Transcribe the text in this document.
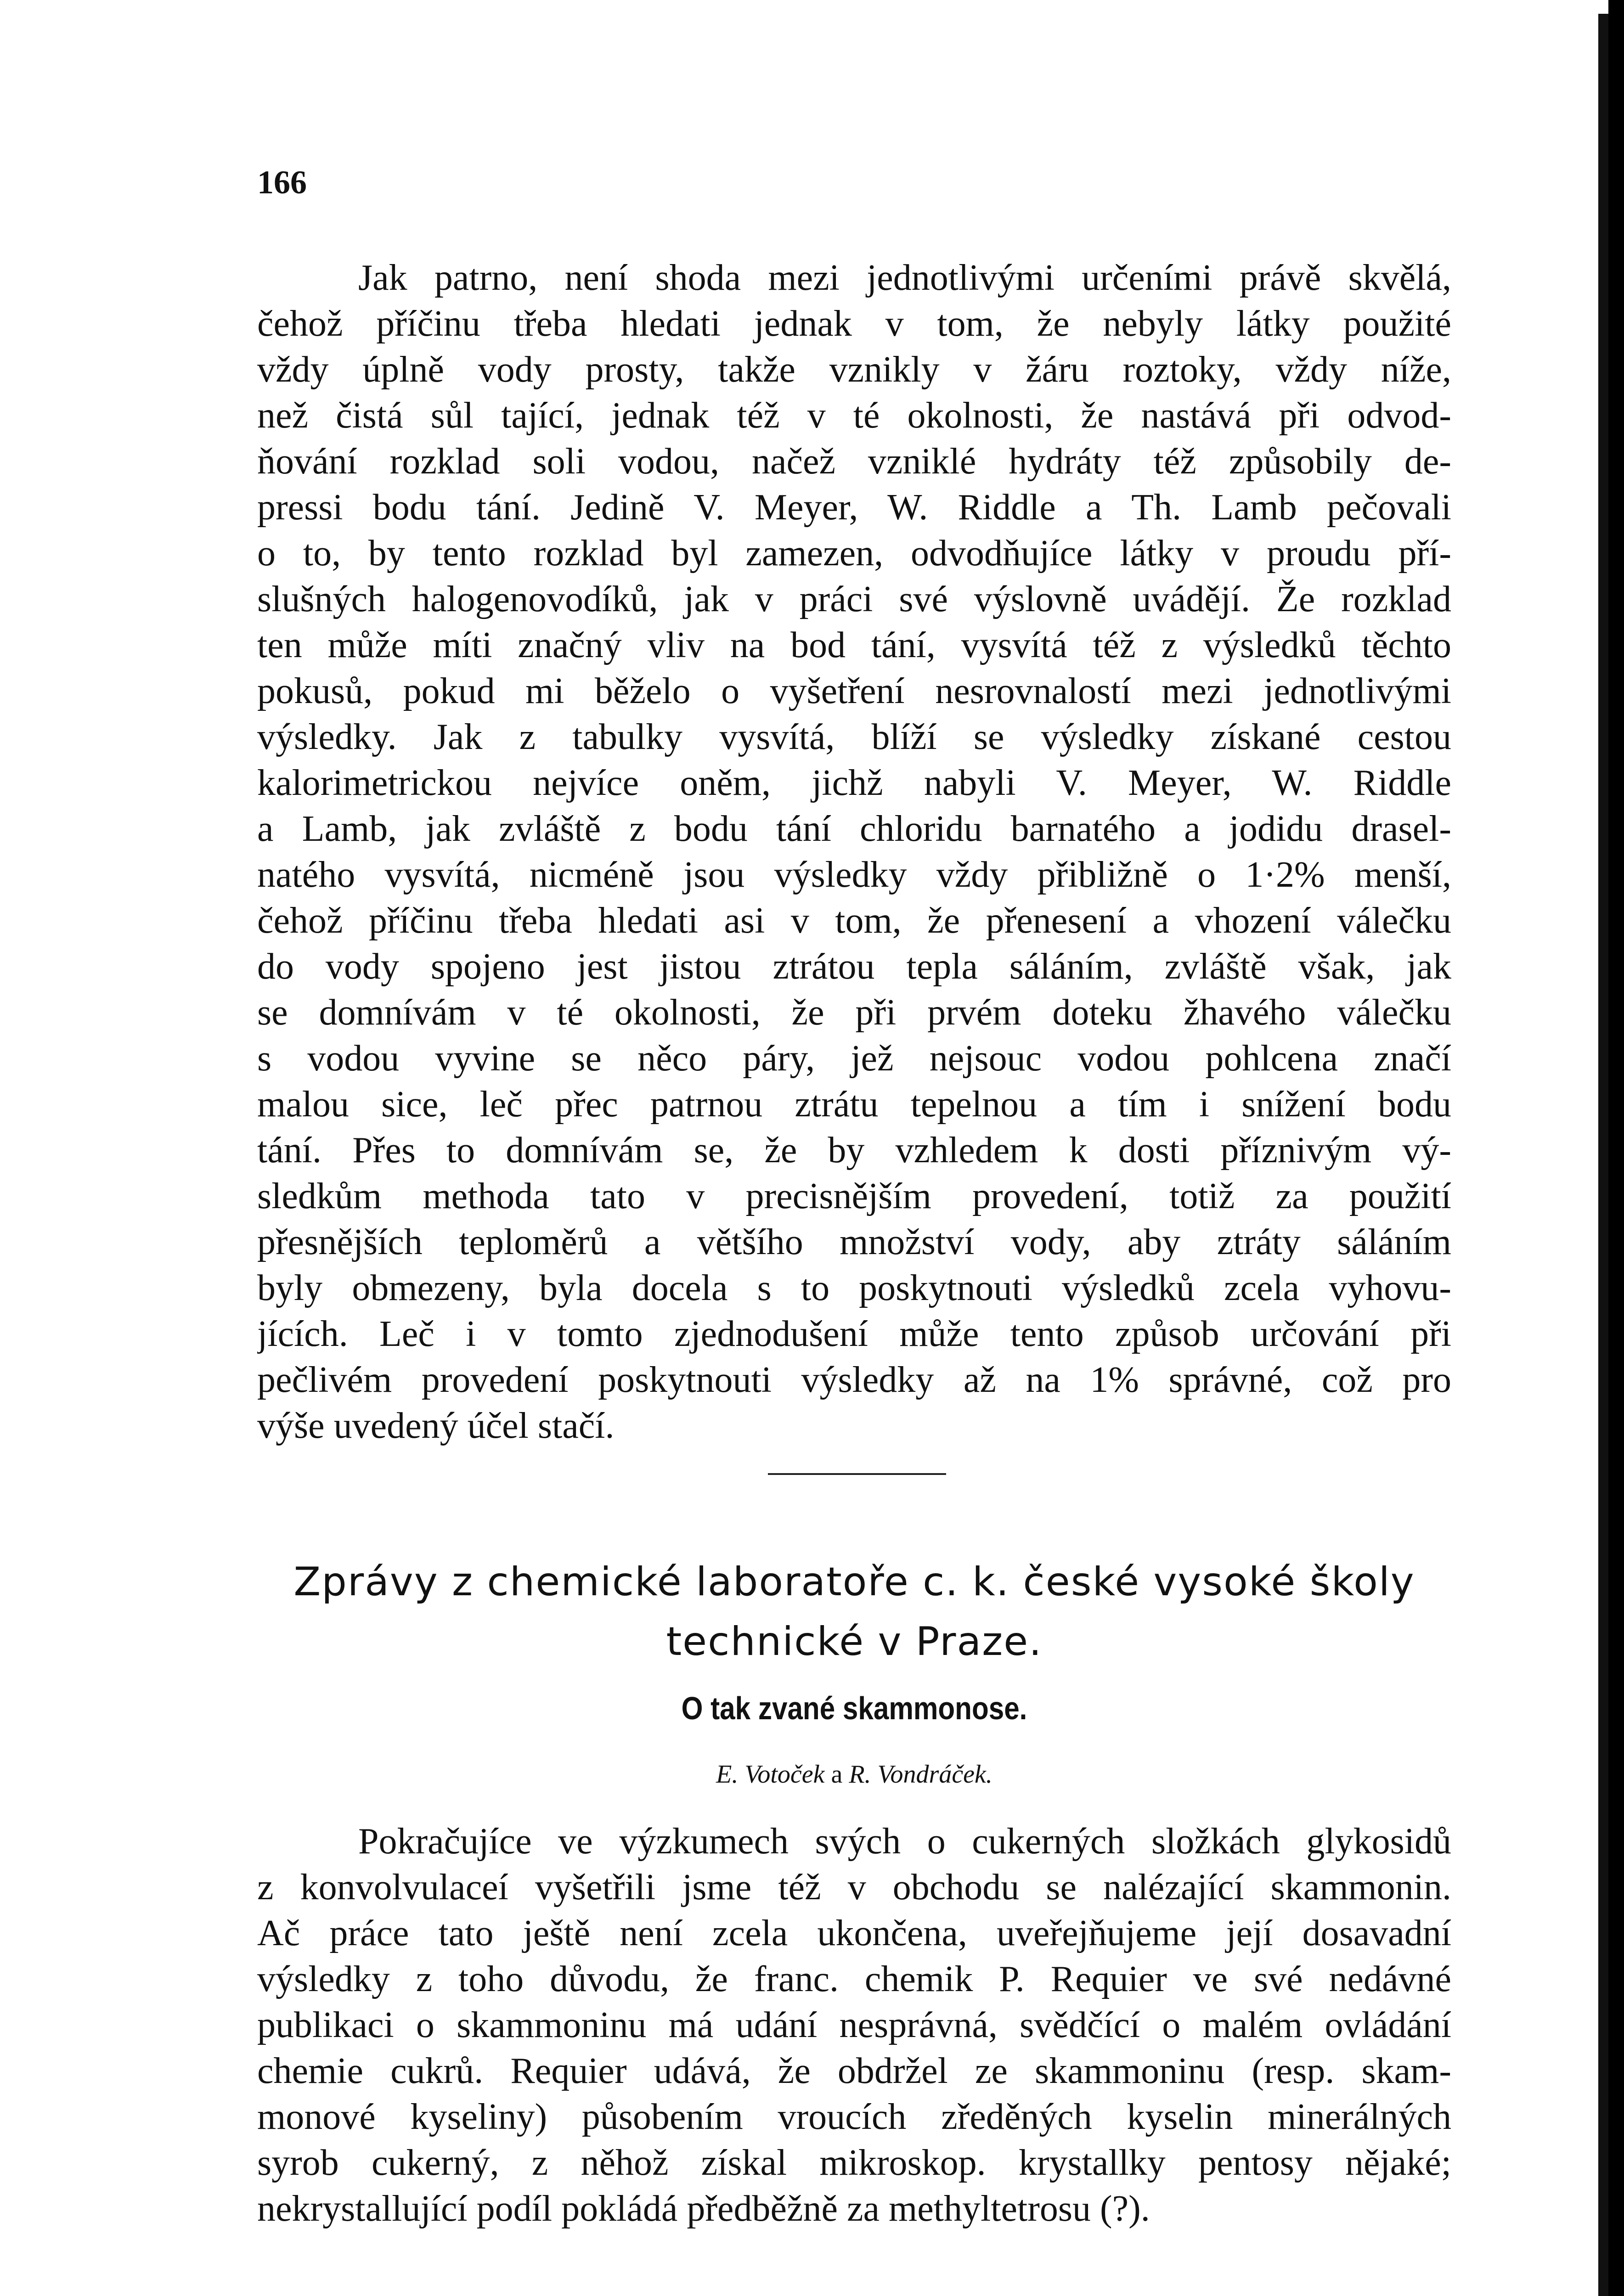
166
Jak patrno, není shoda mezi jednotlivými určeními právě skvělá,
čehož příčinu třeba hledati jednak v tom, že nebyly látky použité
vždy úplně vody prosty, takže vznikly v žáru roztoky, vždy níže,
než čistá sůl tající, jednak též v té okolnosti, že nastává při odvod-
ňování rozklad soli vodou, načež vzniklé hydráty též způsobily de-
pressi bodu tání. Jedině V. Meyer, W. Riddle a Th. Lamb pečovali
o to, by tento rozklad byl zamezen, odvodňujíce látky v proudu pří-
slušných halogenovodíků, jak v práci své výslovně uvádějí. Že rozklad
ten může míti značný vliv na bod tání, vysvítá též z výsledků těchto
pokusů, pokud mi běželo o vyšetření nesrovnalostí mezi jednotlivými
výsledky. Jak z tabulky vysvítá, blíží se výsledky získané cestou
kalorimetrickou nejvíce oněm, jichž nabyli V. Meyer, W. Riddle
a Lamb, jak zvláště z bodu tání chloridu barnatého a jodidu drasel-
natého vysvítá, nicméně jsou výsledky vždy přibližně o 1·2% menší,
čehož příčinu třeba hledati asi v tom, že přenesení a vhození válečku
do vody spojeno jest jistou ztrátou tepla sáláním, zvláště však, jak
se domnívám v té okolnosti, že při prvém doteku žhavého válečku
s vodou vyvine se něco páry, jež nejsouc vodou pohlcena značí
malou sice, leč přec patrnou ztrátu tepelnou a tím i snížení bodu
tání. Přes to domnívám se, že by vzhledem k dosti příznivým vý-
sledkům methoda tato v precisnějším provedení, totiž za použití
přesnějších teploměrů a většího množství vody, aby ztráty sáláním
byly obmezeny, byla docela s to poskytnouti výsledků zcela vyhovu-
jících. Leč i v tomto zjednodušení může tento způsob určování při
pečlivém provedení poskytnouti výsledky až na 1% správné, což pro
výše uvedený účel stačí.
Zprávy z chemické laboratoře c. k. české vysoké školy
technické v Praze.
O tak zvané skammonose.
E. Votoček a R. Vondráček.
Pokračujíce ve výzkumech svých o cukerných složkách glykosidů
z konvolvulaceí vyšetřili jsme též v obchodu se nalézající skammonin.
Ač práce tato ještě není zcela ukončena, uveřejňujeme její dosavadní
výsledky z toho důvodu, že franc. chemik P. Requier ve své nedávné
publikaci o skammoninu má udání nesprávná, svědčící o malém ovládání
chemie cukrů. Requier udává, že obdržel ze skammoninu (resp. skam-
monové kyseliny) působením vroucích zředěných kyselin minerálných
syrob cukerný, z něhož získal mikroskop. krystallky pentosy nějaké;
nekrystallující podíl pokládá předběžně za methyltetrosu (?).
